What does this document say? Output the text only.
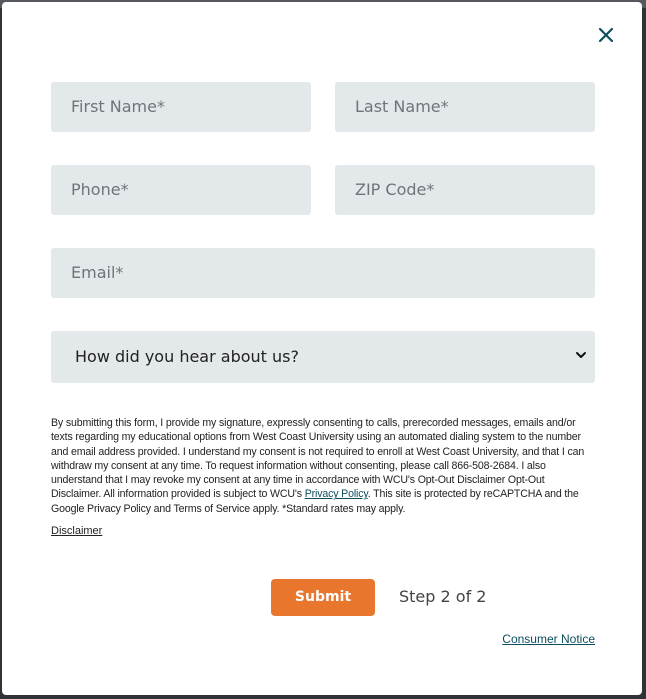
First Name*	Last Name*
Phone*	ZIP Code*
Email*
How did you hear about us?

By submitting this form, I provide my signature, expressly consenting to calls, prerecorded messages, emails and/or texts regarding my educational options from West Coast University using an automated dialing system to the number and email address provided. I understand my consent is not required to enroll at West Coast University, and that I can withdraw my consent at any time. To request information without consenting, please call 866-508-2684. I also understand that I may revoke my consent at any time in accordance with WCU's Opt-Out Disclaimer Opt-Out Disclaimer. All information provided is subject to WCU's Privacy Policy. This site is protected by reCAPTCHA and the Google Privacy Policy and Terms of Service apply. *Standard rates may apply.

Disclaimer
Submit	Step 2 of 2
Consumer Notice
